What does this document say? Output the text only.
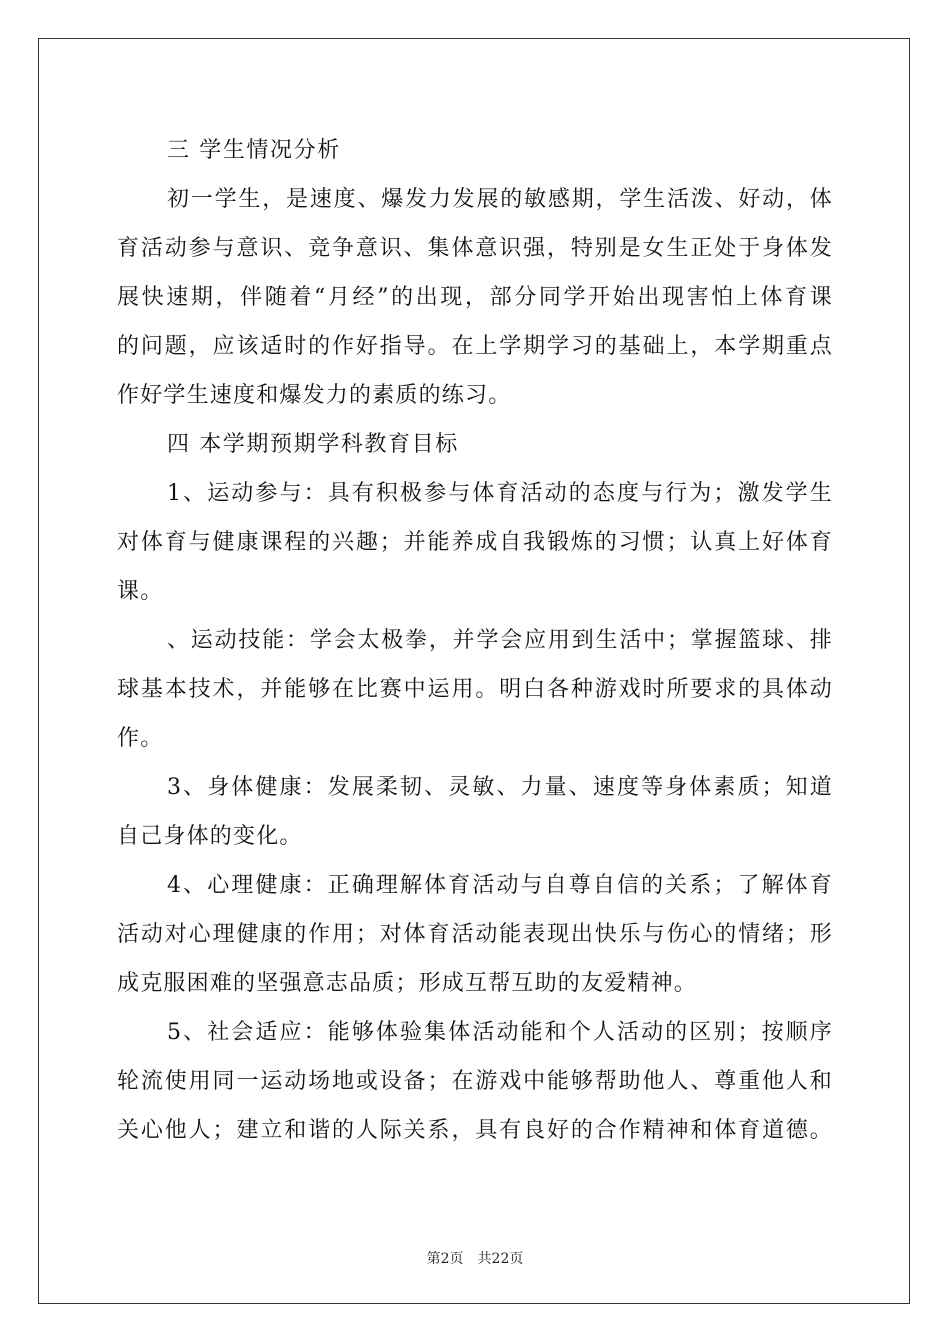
三 学生情况分析
初一学生，是速度、爆发力发展的敏感期，学生活泼、好动，体
育活动参与意识、竞争意识、集体意识强，特别是女生正处于身体发
展快速期，伴随着“月经”的出现，部分同学开始出现害怕上体育课
的问题，应该适时的作好指导。在上学期学习的基础上，本学期重点
作好学生速度和爆发力的素质的练习。
四 本学期预期学科教育目标
1、运动参与：具有积极参与体育活动的态度与行为；激发学生
对体育与健康课程的兴趣；并能养成自我锻炼的习惯；认真上好体育
课。
、运动技能：学会太极拳，并学会应用到生活中；掌握篮球、排
球基本技术，并能够在比赛中运用。明白各种游戏时所要求的具体动
作。
3、身体健康：发展柔韧、灵敏、力量、速度等身体素质；知道
自己身体的变化。
4、心理健康：正确理解体育活动与自尊自信的关系；了解体育
活动对心理健康的作用；对体育活动能表现出快乐与伤心的情绪；形
成克服困难的坚强意志品质；形成互帮互助的友爱精神。
5、社会适应：能够体验集体活动能和个人活动的区别；按顺序
轮流使用同一运动场地或设备；在游戏中能够帮助他人、尊重他人和
关心他人；建立和谐的人际关系，具有良好的合作精神和体育道德。
第2页 共22页
